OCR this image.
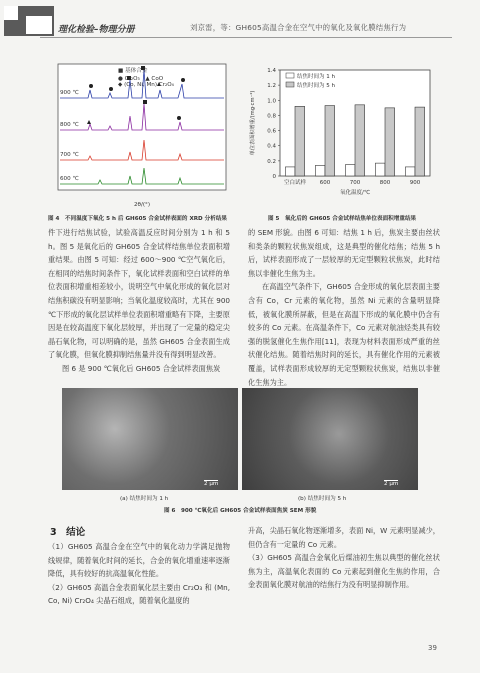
理化检验–物理分册	刘京雷，等：GH605高温合金在空气中的氧化及氧化膜结焦行为
■ 基体合金
● Cr₂O₃　▲ CoO
◆ (Co, Ni, Mn) Cr₂O₄
900 ℃
800 ℃
700 ℃
600 ℃
2θ/(°)
图 4　不同温度下氧化 5 h 后 GH605 合金试样表面的 XRD 分析结果
0
0.2
0.4
0.6
0.8
1.0
1.2
1.4
空白试样 600	700	800	900
氧化温度/℃
单位表面积增重/(mg·cm⁻²)
结焦时间为 1 h
结焦时间为 5 h
图 5　氧化后的 GH605 合金试样结焦单位表面积增重结果

件下进行结焦试验，试验高温反应时间分别为 1 h 和 5 h。图 5 是氧化后的 GH605 合金试样结焦单位表面积增重结果。由图 5 可知：经过 600～900 ℃空气氧化后，在相同的结焦时间条件下，氧化试样表面和空白试样的单位表面积增重相差较小，说明空气中氧化形成的氧化层对结焦积碳没有明显影响；当氧化温度较高时，尤其在 900 ℃下形成的氧化层试样单位表面积增重略有下降，主要原因是在较高温度下氧化层较厚，并出现了一定量的稳定尖晶石氧化物，可以明确的是，虽然 GH605 合金表面生成了氧化膜，但氧化膜抑制结焦量并没有得到明显改善。

图 6 是 900 ℃氧化后 GH605 合金试样表面焦炭

的 SEM 形貌。由图 6 可知：结焦 1 h 后，焦炭主要由丝状和类条的颗粒状焦炭组成，这是典型的催化结焦；结焦 5 h 后，试样表面形成了一层较厚的无定型颗粒状焦炭，此时结焦以非催化生焦为主。

在高温空气条件下，GH605 合金形成的氧化层表面主要含有 Co，Cr 元素的氧化物，虽然 Ni 元素的含量明显降低，被氧化膜所屏蔽，但是在高温下形成的氧化膜中仍含有较多的 Co 元素。在高温条件下，Co 元素对航油烃类具有较强的脱氢催化生焦作用[11]，表现为材料表面形成严重的丝状催化结焦。随着结焦时间的延长，具有催化作用的元素被覆盖，试样表面形成较厚的无定型颗粒状焦炭，结焦以非催化生焦为主。

2 μm	2 μm
(a) 结焦时间为 1 h	(b) 结焦时间为 5 h
图 6　900 ℃氧化后 GH605 合金试样表面焦炭 SEM 形貌
3　结论

（1）GH605 高温合金在空气中的氧化动力学满足抛物线规律，随着氧化时间的延长，合金的氧化增重速率逐渐降低，具有较好的抗高温氧化性能。

（2）GH605 高温合金表面氧化层主要由 Cr₂O₃ 和 (Mn, Co, Ni) Cr₂O₄ 尖晶石组成，随着氧化温度的

升高，尖晶石氧化物逐渐增多，表面 Ni，W 元素明显减少，但仍含有一定量的 Co 元素。

（3）GH605 高温合金氧化后煤油初生焦以典型的催化丝状焦为主，高温氧化表面的 Co 元素起到催化生焦的作用，合金表面氧化膜对航油的结焦行为没有明显抑制作用。

39
